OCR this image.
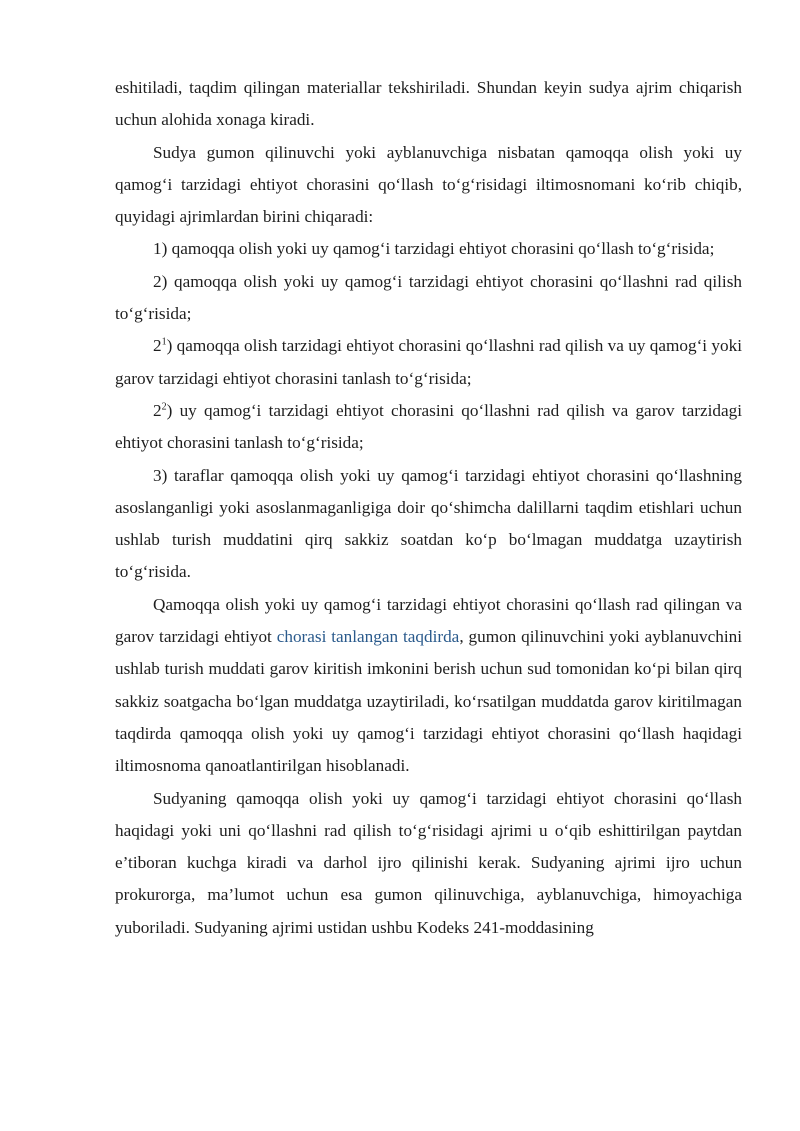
eshitiladi, taqdim qilingan materiallar tekshiriladi. Shundan keyin sudya ajrim chiqarish uchun alohida xonaga kiradi.

Sudya gumon qilinuvchi yoki ayblanuvchiga nisbatan qamoqqa olish yoki uy qamog‘i tarzidagi ehtiyot chorasini qo‘llash to‘g‘risidagi iltimosnomani ko‘rib chiqib, quyidagi ajrimlardan birini chiqaradi:

1) qamoqqa olish yoki uy qamog‘i tarzidagi ehtiyot chorasini qo‘llash to‘g‘risida;

2) qamoqqa olish yoki uy qamog‘i tarzidagi ehtiyot chorasini qo‘llashni rad qilish to‘g‘risida;

$2^1$) qamoqqa olish tarzidagi ehtiyot chorasini qo‘llashni rad qilish va uy qamog‘i yoki garov tarzidagi ehtiyot chorasini tanlash to‘g‘risida;

$2^2$) uy qamog‘i tarzidagi ehtiyot chorasini qo‘llashni rad qilish va garov tarzidagi ehtiyot chorasini tanlash to‘g‘risida;

3) taraflar qamoqqa olish yoki uy qamog‘i tarzidagi ehtiyot chorasini qo‘llashning asoslanganligi yoki asoslanmaganligiga doir qo‘shimcha dalillarni taqdim etishlari uchun ushlab turish muddatini qirq sakkiz soatdan ko‘p bo‘lmagan muddatga uzaytirish to‘g‘risida.

Qamoqqa olish yoki uy qamog‘i tarzidagi ehtiyot chorasini qo‘llash rad qilingan va garov tarzidagi ehtiyot chorasi tanlangan taqdirda, gumon qilinuvchini yoki ayblanuvchini ushlab turish muddati garov kiritish imkonini berish uchun sud tomonidan ko‘pi bilan qirq sakkiz soatgacha bo‘lgan muddatga uzaytiriladi, ko‘rsatilgan muddatda garov kiritilmagan taqdirda qamoqqa olish yoki uy qamog‘i tarzidagi ehtiyot chorasini qo‘llash haqidagi iltimosnoma qanoatlantirilgan hisoblanadi.

Sudyaning qamoqqa olish yoki uy qamog‘i tarzidagi ehtiyot chorasini qo‘llash haqidagi yoki uni qo‘llashni rad qilish to‘g‘risidagi ajrimi u o‘qib eshittirilgan paytdan e’tiboran kuchga kiradi va darhol ijro qilinishi kerak. Sudyaning ajrimi ijro uchun prokurorga, ma’lumot uchun esa gumon qilinuvchiga, ayblanuvchiga, himoyachiga yuboriladi. Sudyaning ajrimi ustidan ushbu Kodeks 241-moddasining
